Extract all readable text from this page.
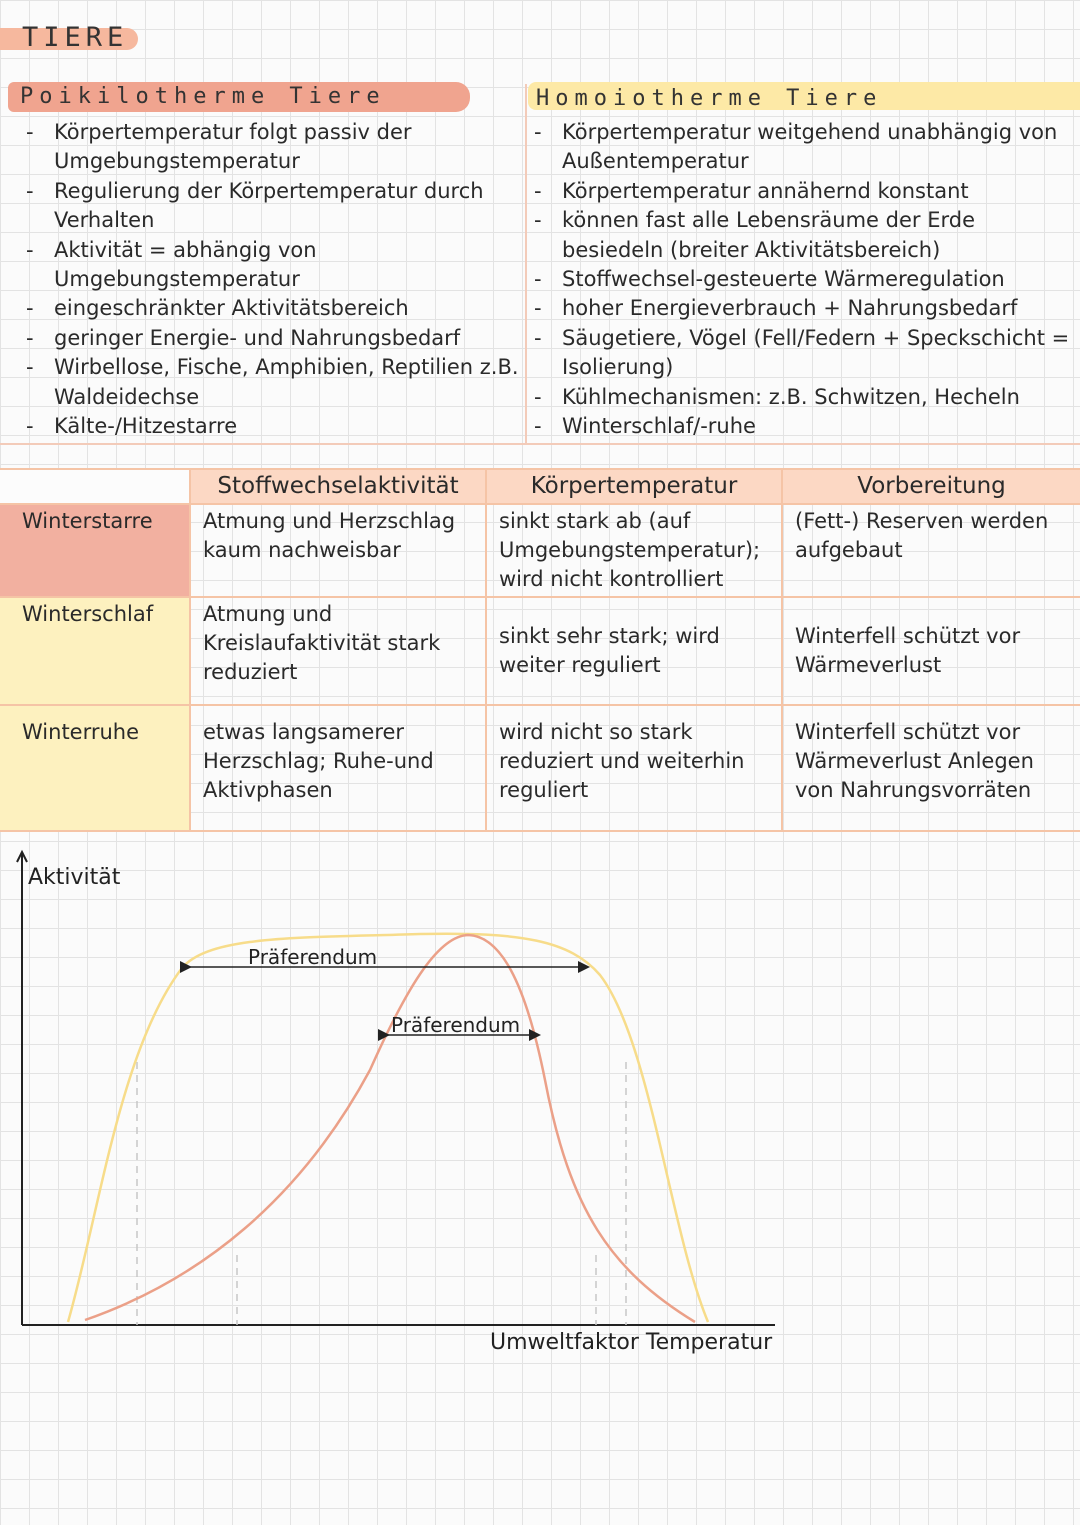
TIERE
Poikilotherme Tiere
- Körpertemperatur folgt passiv der Umgebungstemperatur
- Regulierung der Körpertemperatur durch Verhalten
- Aktivität = abhängig von Umgebungstemperatur
- eingeschränkter Aktivitätsbereich
- geringer Energie- und Nahrungsbedarf
- Wirbellose, Fische, Amphibien, Reptilien z.B. Waldeidechse
- Kälte-/Hitzestarre
Homoiotherme Tiere
- Körpertemperatur weitgehend unabhängig von Außentemperatur
- Körpertemperatur annähernd konstant
- können fast alle Lebensräume der Erde besiedeln (breiter Aktivitätsbereich)
- Stoffwechsel-gesteuerte Wärmeregulation
- hoher Energieverbrauch + Nahrungsbedarf
- Säugetiere, Vögel (Fell/Federn + Speckschicht = Isolierung)
- Kühlmechanismen: z.B. Schwitzen, Hecheln
- Winterschlaf/-ruhe
	Stoffwechselaktivität	Körpertemperatur	Vorbereitung
Winterstarre	Atmung und Herzschlag kaum nachweisbar	sinkt stark ab (auf Umgebungstemperatur); wird nicht kontrolliert	(Fett-) Reserven werden aufgebaut
Winterschlaf	Atmung und Kreislaufaktivität stark reduziert	sinkt sehr stark; wird weiter reguliert	Winterfell schützt vor Wärmeverlust
Winterruhe	etwas langsamerer Herzschlag; Ruhe-und Aktivphasen	wird nicht so stark reduziert und weiterhin reguliert	Winterfell schützt vor Wärmeverlust Anlegen von Nahrungsvorräten
Aktivität
Umweltfaktor Temperatur
Präferendum
Präferendum
